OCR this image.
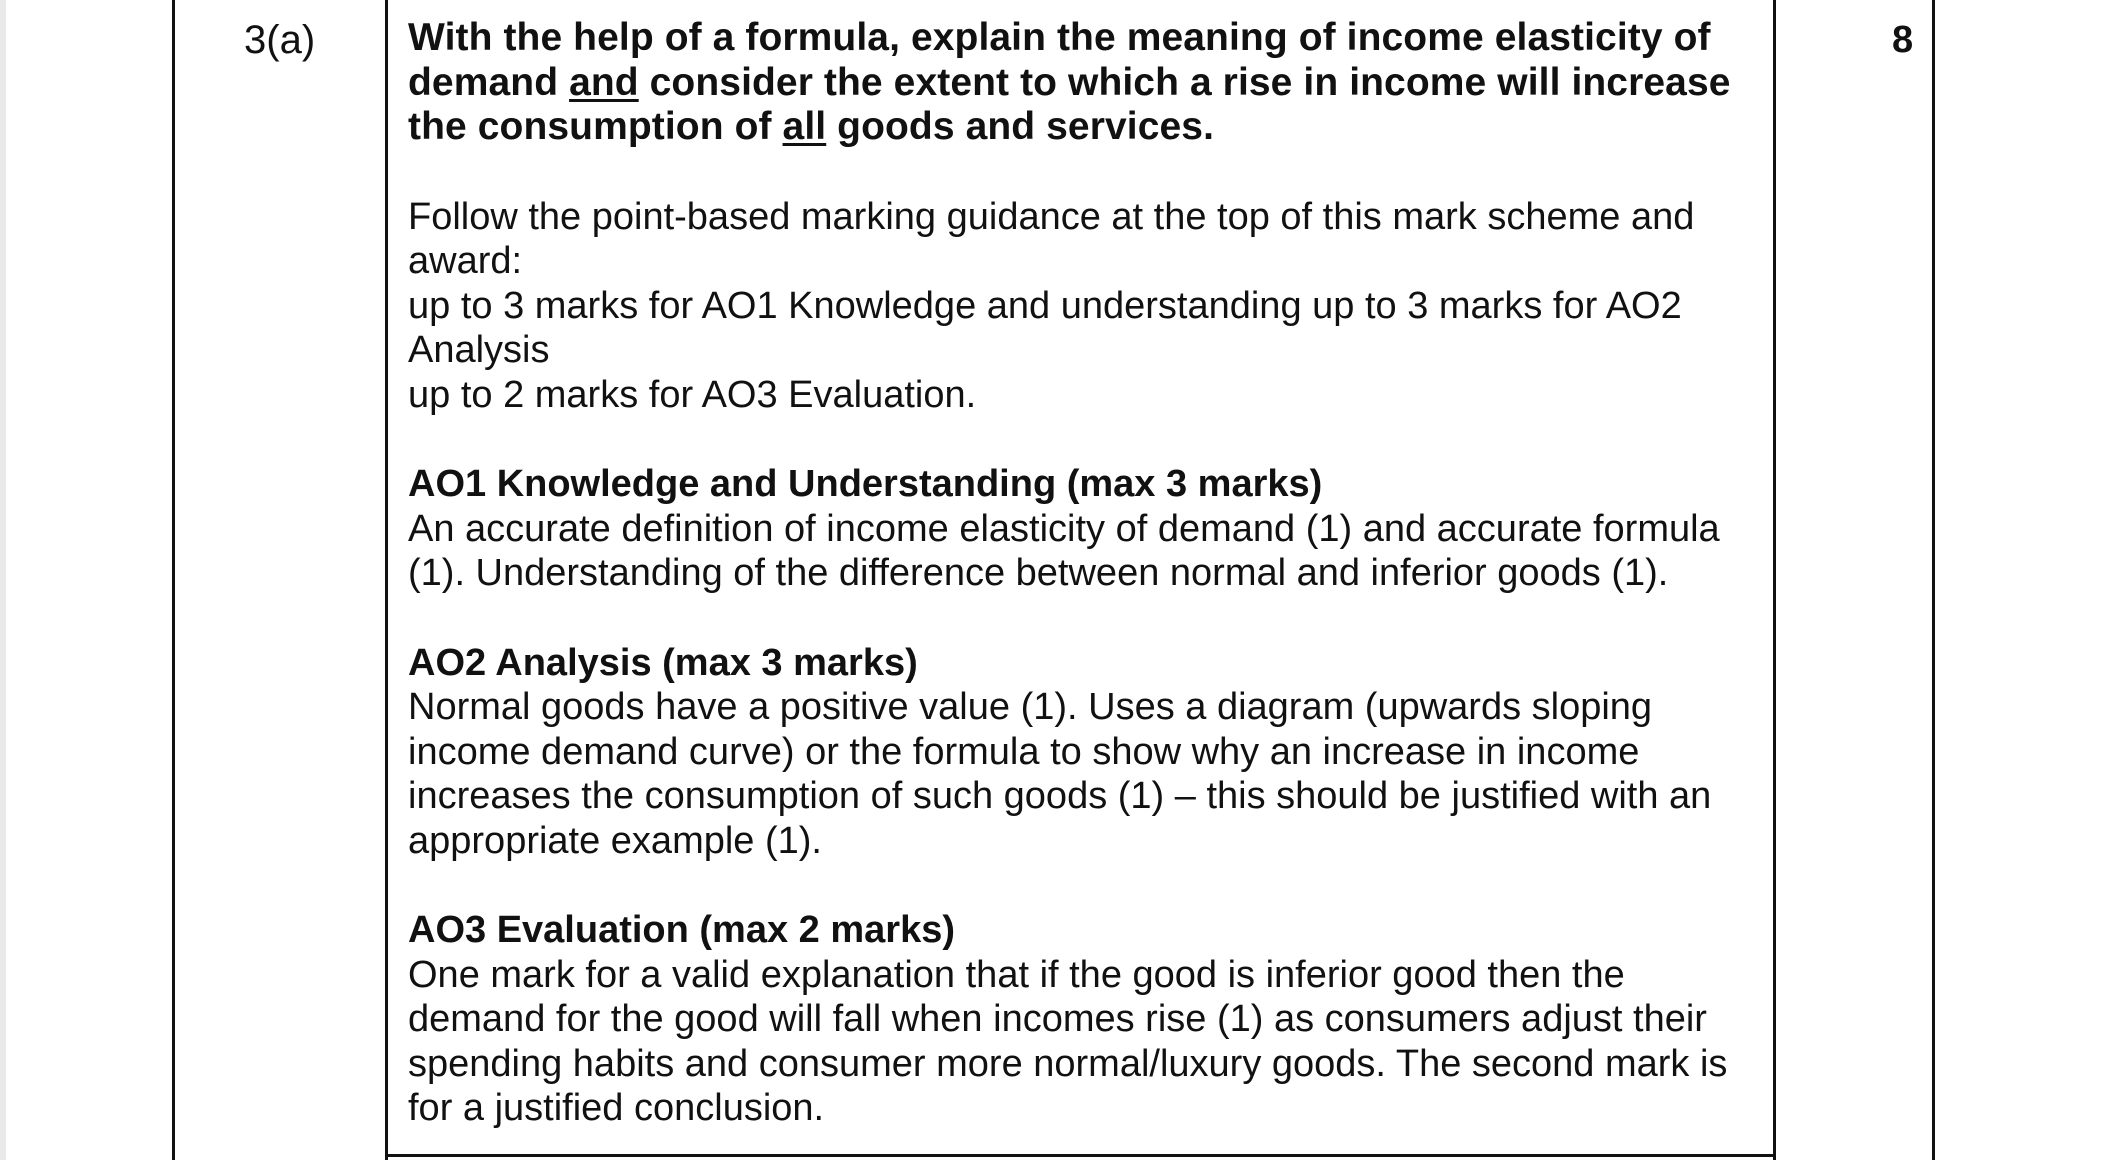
3(a)	8

With the help of a formula, explain the meaning of income elasticity of demand and consider the extent to which a rise in income will increase the consumption of all goods and services.

Follow the point-based marking guidance at the top of this mark scheme and award:

up to 3 marks for AO1 Knowledge and understanding up to 3 marks for AO2 Analysis

up to 2 marks for AO3 Evaluation.

AO1 Knowledge and Understanding (max 3 marks)

An accurate definition of income elasticity of demand (1) and accurate formula (1). Understanding of the difference between normal and inferior goods (1).

AO2 Analysis (max 3 marks)

Normal goods have a positive value (1). Uses a diagram (upwards sloping income demand curve) or the formula to show why an increase in income increases the consumption of such goods (1) – this should be justified with an appropriate example (1).

AO3 Evaluation (max 2 marks)

One mark for a valid explanation that if the good is inferior good then the demand for the good will fall when incomes rise (1) as consumers adjust their spending habits and consumer more normal/luxury goods. The second mark is for a justified conclusion.
